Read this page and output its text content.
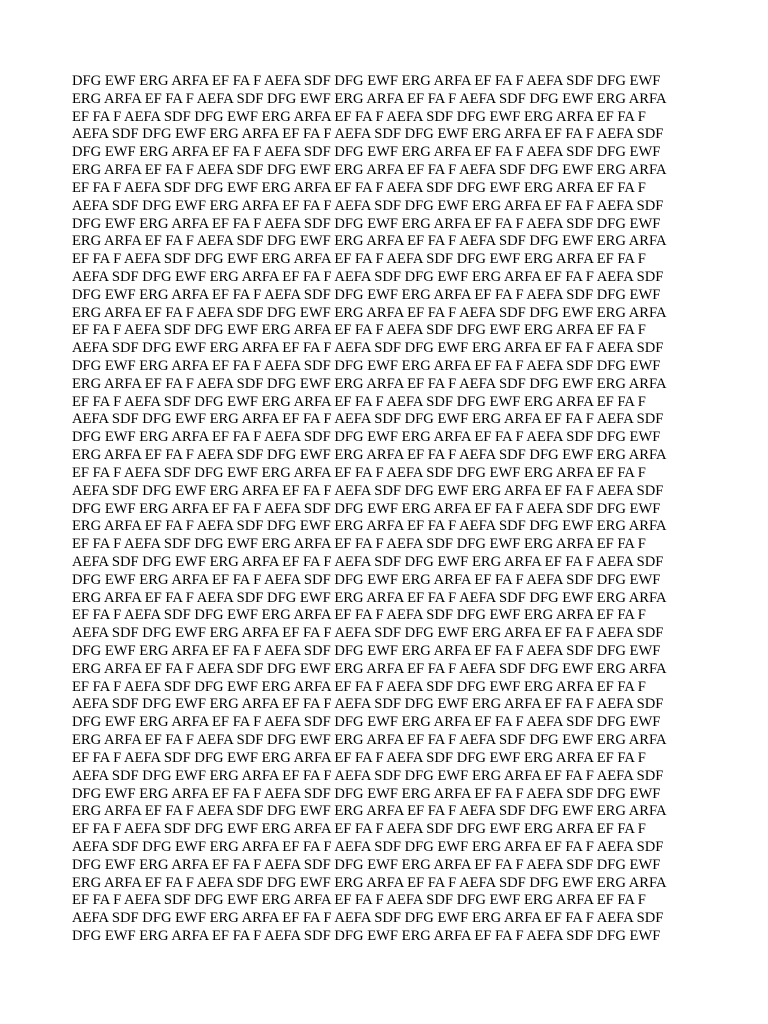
DFG EWF ERG ARFA EF FA F AEFA SDF DFG EWF ERG ARFA EF FA F AEFA SDF DFG EWF
ERG ARFA EF FA F AEFA SDF DFG EWF ERG ARFA EF FA F AEFA SDF DFG EWF ERG ARFA
EF FA F AEFA SDF DFG EWF ERG ARFA EF FA F AEFA SDF DFG EWF ERG ARFA EF FA F
AEFA SDF DFG EWF ERG ARFA EF FA F AEFA SDF DFG EWF ERG ARFA EF FA F AEFA SDF
DFG EWF ERG ARFA EF FA F AEFA SDF DFG EWF ERG ARFA EF FA F AEFA SDF DFG EWF
ERG ARFA EF FA F AEFA SDF DFG EWF ERG ARFA EF FA F AEFA SDF DFG EWF ERG ARFA
EF FA F AEFA SDF DFG EWF ERG ARFA EF FA F AEFA SDF DFG EWF ERG ARFA EF FA F
AEFA SDF DFG EWF ERG ARFA EF FA F AEFA SDF DFG EWF ERG ARFA EF FA F AEFA SDF
DFG EWF ERG ARFA EF FA F AEFA SDF DFG EWF ERG ARFA EF FA F AEFA SDF DFG EWF
ERG ARFA EF FA F AEFA SDF DFG EWF ERG ARFA EF FA F AEFA SDF DFG EWF ERG ARFA
EF FA F AEFA SDF DFG EWF ERG ARFA EF FA F AEFA SDF DFG EWF ERG ARFA EF FA F
AEFA SDF DFG EWF ERG ARFA EF FA F AEFA SDF DFG EWF ERG ARFA EF FA F AEFA SDF
DFG EWF ERG ARFA EF FA F AEFA SDF DFG EWF ERG ARFA EF FA F AEFA SDF DFG EWF
ERG ARFA EF FA F AEFA SDF DFG EWF ERG ARFA EF FA F AEFA SDF DFG EWF ERG ARFA
EF FA F AEFA SDF DFG EWF ERG ARFA EF FA F AEFA SDF DFG EWF ERG ARFA EF FA F
AEFA SDF DFG EWF ERG ARFA EF FA F AEFA SDF DFG EWF ERG ARFA EF FA F AEFA SDF
DFG EWF ERG ARFA EF FA F AEFA SDF DFG EWF ERG ARFA EF FA F AEFA SDF DFG EWF
ERG ARFA EF FA F AEFA SDF DFG EWF ERG ARFA EF FA F AEFA SDF DFG EWF ERG ARFA
EF FA F AEFA SDF DFG EWF ERG ARFA EF FA F AEFA SDF DFG EWF ERG ARFA EF FA F
AEFA SDF DFG EWF ERG ARFA EF FA F AEFA SDF DFG EWF ERG ARFA EF FA F AEFA SDF
DFG EWF ERG ARFA EF FA F AEFA SDF DFG EWF ERG ARFA EF FA F AEFA SDF DFG EWF
ERG ARFA EF FA F AEFA SDF DFG EWF ERG ARFA EF FA F AEFA SDF DFG EWF ERG ARFA
EF FA F AEFA SDF DFG EWF ERG ARFA EF FA F AEFA SDF DFG EWF ERG ARFA EF FA F
AEFA SDF DFG EWF ERG ARFA EF FA F AEFA SDF DFG EWF ERG ARFA EF FA F AEFA SDF
DFG EWF ERG ARFA EF FA F AEFA SDF DFG EWF ERG ARFA EF FA F AEFA SDF DFG EWF
ERG ARFA EF FA F AEFA SDF DFG EWF ERG ARFA EF FA F AEFA SDF DFG EWF ERG ARFA
EF FA F AEFA SDF DFG EWF ERG ARFA EF FA F AEFA SDF DFG EWF ERG ARFA EF FA F
AEFA SDF DFG EWF ERG ARFA EF FA F AEFA SDF DFG EWF ERG ARFA EF FA F AEFA SDF
DFG EWF ERG ARFA EF FA F AEFA SDF DFG EWF ERG ARFA EF FA F AEFA SDF DFG EWF
ERG ARFA EF FA F AEFA SDF DFG EWF ERG ARFA EF FA F AEFA SDF DFG EWF ERG ARFA
EF FA F AEFA SDF DFG EWF ERG ARFA EF FA F AEFA SDF DFG EWF ERG ARFA EF FA F
AEFA SDF DFG EWF ERG ARFA EF FA F AEFA SDF DFG EWF ERG ARFA EF FA F AEFA SDF
DFG EWF ERG ARFA EF FA F AEFA SDF DFG EWF ERG ARFA EF FA F AEFA SDF DFG EWF
ERG ARFA EF FA F AEFA SDF DFG EWF ERG ARFA EF FA F AEFA SDF DFG EWF ERG ARFA
EF FA F AEFA SDF DFG EWF ERG ARFA EF FA F AEFA SDF DFG EWF ERG ARFA EF FA F
AEFA SDF DFG EWF ERG ARFA EF FA F AEFA SDF DFG EWF ERG ARFA EF FA F AEFA SDF
DFG EWF ERG ARFA EF FA F AEFA SDF DFG EWF ERG ARFA EF FA F AEFA SDF DFG EWF
ERG ARFA EF FA F AEFA SDF DFG EWF ERG ARFA EF FA F AEFA SDF DFG EWF ERG ARFA
EF FA F AEFA SDF DFG EWF ERG ARFA EF FA F AEFA SDF DFG EWF ERG ARFA EF FA F
AEFA SDF DFG EWF ERG ARFA EF FA F AEFA SDF DFG EWF ERG ARFA EF FA F AEFA SDF
DFG EWF ERG ARFA EF FA F AEFA SDF DFG EWF ERG ARFA EF FA F AEFA SDF DFG EWF
ERG ARFA EF FA F AEFA SDF DFG EWF ERG ARFA EF FA F AEFA SDF DFG EWF ERG ARFA
EF FA F AEFA SDF DFG EWF ERG ARFA EF FA F AEFA SDF DFG EWF ERG ARFA EF FA F
AEFA SDF DFG EWF ERG ARFA EF FA F AEFA SDF DFG EWF ERG ARFA EF FA F AEFA SDF
DFG EWF ERG ARFA EF FA F AEFA SDF DFG EWF ERG ARFA EF FA F AEFA SDF DFG EWF
ERG ARFA EF FA F AEFA SDF DFG EWF ERG ARFA EF FA F AEFA SDF DFG EWF ERG ARFA
EF FA F AEFA SDF DFG EWF ERG ARFA EF FA F AEFA SDF DFG EWF ERG ARFA EF FA F
AEFA SDF DFG EWF ERG ARFA EF FA F AEFA SDF DFG EWF ERG ARFA EF FA F AEFA SDF
DFG EWF ERG ARFA EF FA F AEFA SDF DFG EWF ERG ARFA EF FA F AEFA SDF DFG EWF
